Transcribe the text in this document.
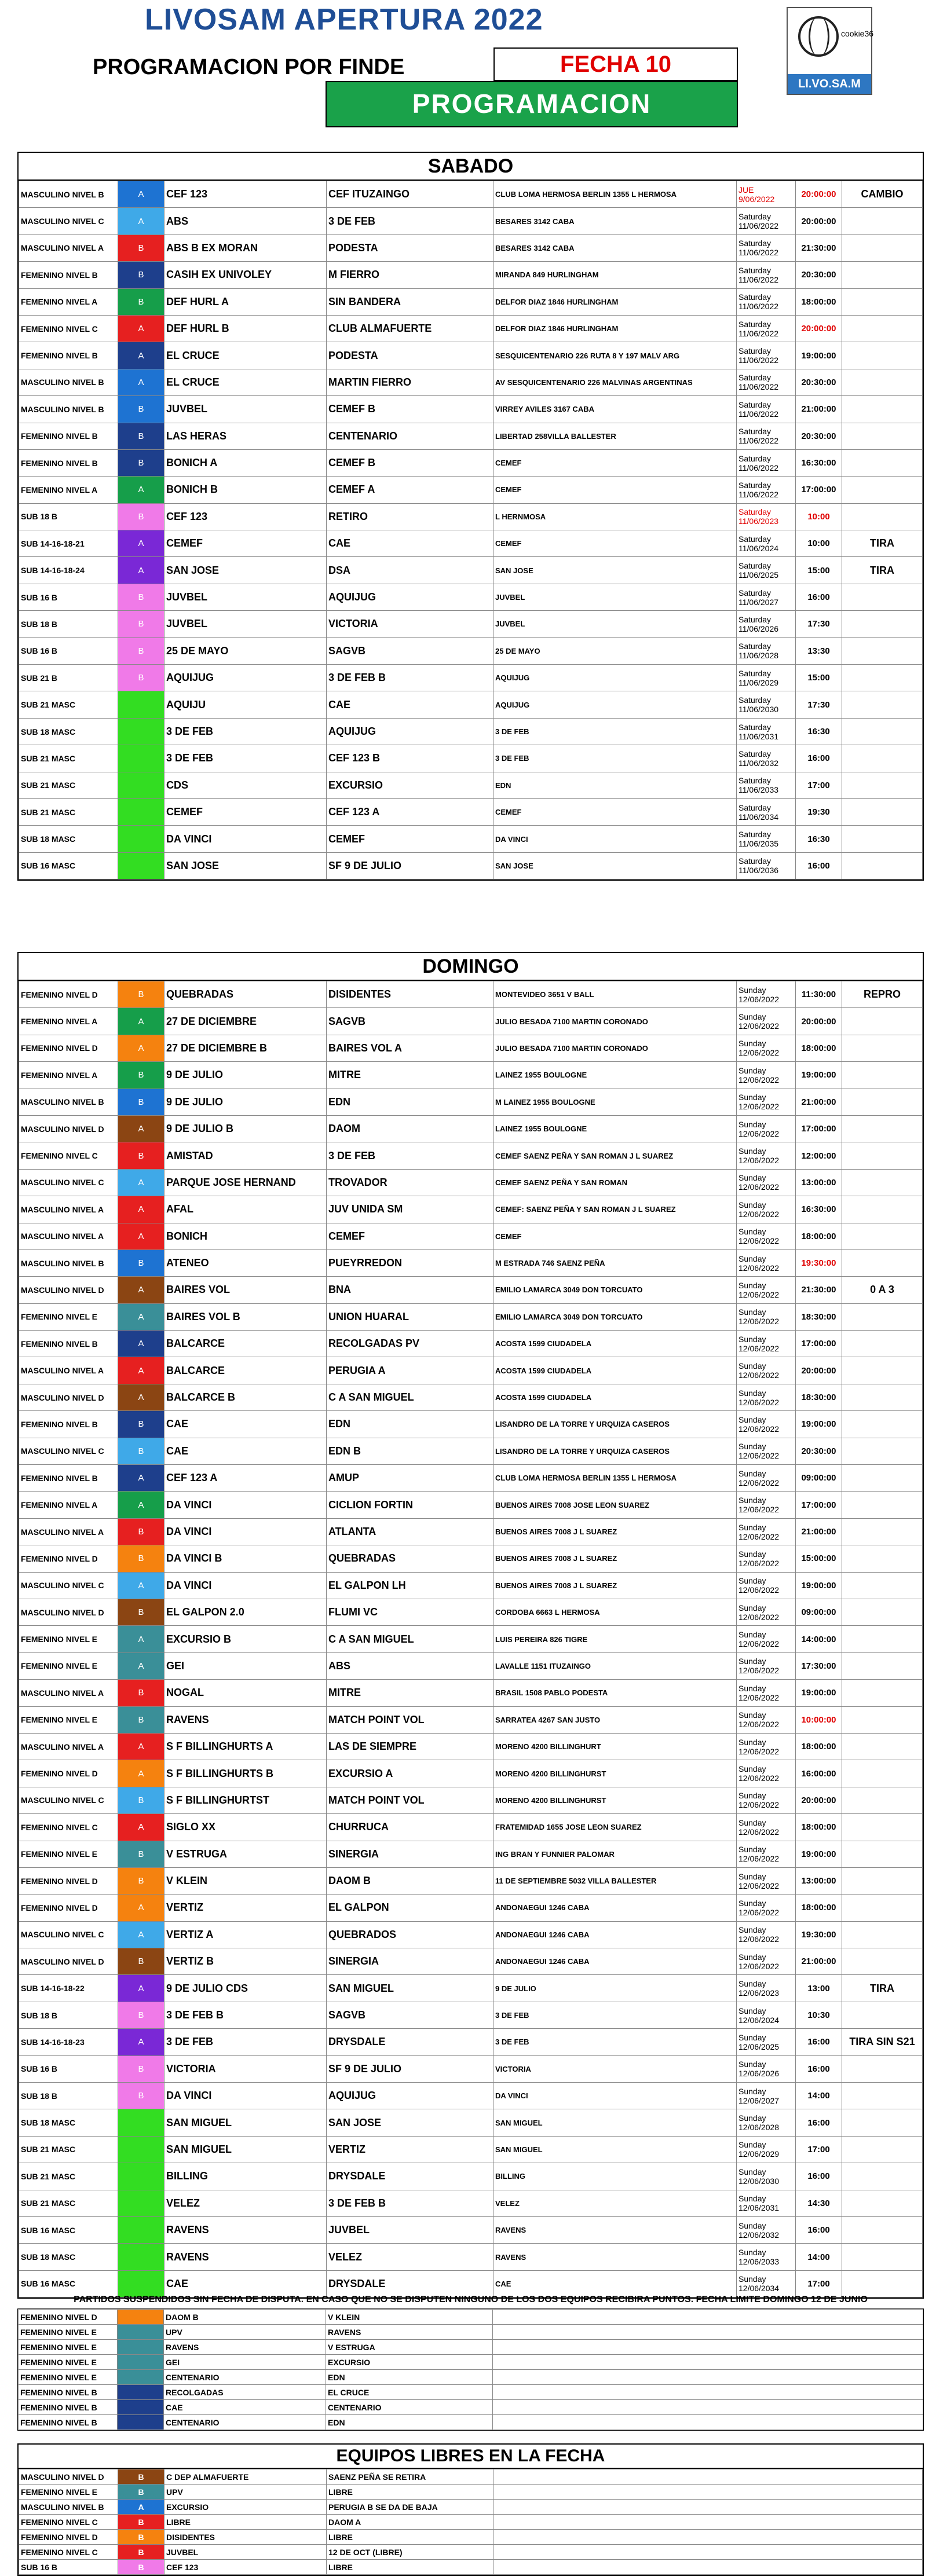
LIVOSAM APERTURA 2022
PROGRAMACION POR FINDE	FECHA 10
PROGRAMACION
cookie36
LI.VO.SA.M
SABADO
MASCULINO NIVEL B	A	CEF 123	CEF ITUZAINGO	CLUB LOMA HERMOSA BERLIN 1355 L HERMOSA	JUE
9/06/2022	20:00:00	CAMBIO
MASCULINO NIVEL C	A	ABS	3 DE FEB	BESARES 3142 CABA	Saturday
11/06/2022	20:00:00	
MASCULINO NIVEL A	B	ABS B EX MORAN	PODESTA	BESARES 3142 CABA	Saturday
11/06/2022	21:30:00	
FEMENINO NIVEL B	B	CASIH EX UNIVOLEY	M FIERRO	MIRANDA 849 HURLINGHAM	Saturday
11/06/2022	20:30:00	
FEMENINO NIVEL A	B	DEF HURL A	SIN BANDERA	DELFOR DIAZ 1846 HURLINGHAM	Saturday
11/06/2022	18:00:00	
FEMENINO NIVEL C	A	DEF HURL B	CLUB ALMAFUERTE	DELFOR DIAZ 1846 HURLINGHAM	Saturday
11/06/2022	20:00:00	
FEMENINO NIVEL B	A	EL CRUCE	PODESTA	SESQUICENTENARIO 226 RUTA 8 Y 197 MALV ARG	Saturday
11/06/2022	19:00:00	
MASCULINO NIVEL B	A	EL CRUCE	MARTIN FIERRO	AV SESQUICENTENARIO 226 MALVINAS ARGENTINAS	Saturday
11/06/2022	20:30:00	
MASCULINO NIVEL B	B	JUVBEL	CEMEF B	VIRREY AVILES 3167 CABA	Saturday
11/06/2022	21:00:00	
FEMENINO NIVEL B	B	LAS HERAS	CENTENARIO	LIBERTAD 258VILLA BALLESTER	Saturday
11/06/2022	20:30:00	
FEMENINO NIVEL B	B	BONICH A	CEMEF B	CEMEF	Saturday
11/06/2022	16:30:00	
FEMENINO NIVEL A	A	BONICH B	CEMEF A	CEMEF	Saturday
11/06/2022	17:00:00	
SUB 18 B	B	CEF 123	RETIRO	L HERNMOSA	Saturday
11/06/2023	10:00	
SUB 14-16-18-21	A	CEMEF	CAE	CEMEF	Saturday
11/06/2024	10:00	TIRA
SUB 14-16-18-24	A	SAN JOSE	DSA	SAN JOSE	Saturday
11/06/2025	15:00	TIRA
SUB 16 B	B	JUVBEL	AQUIJUG	JUVBEL	Saturday
11/06/2027	16:00	
SUB 18 B	B	JUVBEL	VICTORIA	JUVBEL	Saturday
11/06/2026	17:30	
SUB 16 B	B	25 DE MAYO	SAGVB	25 DE MAYO	Saturday
11/06/2028	13:30	
SUB 21 B	B	AQUIJUG	3 DE FEB B	AQUIJUG	Saturday
11/06/2029	15:00	
SUB 21 MASC		AQUIJU	CAE	AQUIJUG	Saturday
11/06/2030	17:30	
SUB 18 MASC		3 DE FEB	AQUIJUG	3 DE FEB	Saturday
11/06/2031	16:30	
SUB 21 MASC		3 DE FEB	CEF 123 B	3 DE FEB	Saturday
11/06/2032	16:00	
SUB 21 MASC		CDS	EXCURSIO	EDN	Saturday
11/06/2033	17:00	
SUB 21 MASC		CEMEF	CEF 123 A	CEMEF	Saturday
11/06/2034	19:30	
SUB 18 MASC		DA VINCI	CEMEF	DA VINCI	Saturday
11/06/2035	16:30	
SUB 16 MASC		SAN JOSE	SF 9 DE JULIO	SAN JOSE	Saturday
11/06/2036	16:00	
DOMINGO
FEMENINO NIVEL D	B	QUEBRADAS	DISIDENTES	MONTEVIDEO 3651 V BALL	Sunday
12/06/2022	11:30:00	REPRO
FEMENINO NIVEL A	A	27 DE DICIEMBRE	SAGVB	JULIO BESADA 7100 MARTIN CORONADO	Sunday
12/06/2022	20:00:00	
FEMENINO NIVEL D	A	27 DE DICIEMBRE B	BAIRES VOL A	JULIO BESADA 7100 MARTIN CORONADO	Sunday
12/06/2022	18:00:00	
FEMENINO NIVEL A	B	9 DE JULIO	MITRE	LAINEZ 1955 BOULOGNE	Sunday
12/06/2022	19:00:00	
MASCULINO NIVEL B	B	9 DE JULIO	EDN	M LAINEZ 1955 BOULOGNE	Sunday
12/06/2022	21:00:00	
MASCULINO NIVEL D	A	9 DE JULIO B	DAOM	LAINEZ 1955 BOULOGNE	Sunday
12/06/2022	17:00:00	
FEMENINO NIVEL C	B	AMISTAD	3 DE FEB	CEMEF SAENZ PEÑA Y SAN ROMAN J L SUAREZ	Sunday
12/06/2022	12:00:00	
MASCULINO NIVEL C	A	PARQUE JOSE HERNAND	TROVADOR	CEMEF SAENZ PEÑA Y SAN ROMAN	Sunday
12/06/2022	13:00:00	
MASCULINO NIVEL A	A	AFAL	JUV UNIDA SM	CEMEF: SAENZ PEÑA Y SAN ROMAN J L SUAREZ	Sunday
12/06/2022	16:30:00	
MASCULINO NIVEL A	A	BONICH	CEMEF	CEMEF	Sunday
12/06/2022	18:00:00	
MASCULINO NIVEL B	B	ATENEO	PUEYRREDON	M ESTRADA 746 SAENZ PEÑA	Sunday
12/06/2022	19:30:00	
MASCULINO NIVEL D	A	BAIRES VOL	BNA	EMILIO LAMARCA 3049 DON TORCUATO	Sunday
12/06/2022	21:30:00	0 A 3
FEMENINO NIVEL E	A	BAIRES VOL B	UNION HUARAL	EMILIO LAMARCA 3049 DON TORCUATO	Sunday
12/06/2022	18:30:00	
FEMENINO NIVEL B	A	BALCARCE	RECOLGADAS PV	ACOSTA 1599 CIUDADELA	Sunday
12/06/2022	17:00:00	
MASCULINO NIVEL A	A	BALCARCE	PERUGIA A	ACOSTA 1599 CIUDADELA	Sunday
12/06/2022	20:00:00	
MASCULINO NIVEL D	A	BALCARCE B	C A SAN MIGUEL	ACOSTA 1599 CIUDADELA	Sunday
12/06/2022	18:30:00	
FEMENINO NIVEL B	B	CAE	EDN	LISANDRO DE LA TORRE Y URQUIZA CASEROS	Sunday
12/06/2022	19:00:00	
MASCULINO NIVEL C	B	CAE	EDN B	LISANDRO DE LA TORRE Y URQUIZA CASEROS	Sunday
12/06/2022	20:30:00	
FEMENINO NIVEL B	A	CEF 123 A	AMUP	CLUB LOMA HERMOSA BERLIN 1355 L HERMOSA	Sunday
12/06/2022	09:00:00	
FEMENINO NIVEL A	A	DA VINCI	CICLION FORTIN	BUENOS AIRES 7008 JOSE LEON SUAREZ	Sunday
12/06/2022	17:00:00	
MASCULINO NIVEL A	B	DA VINCI	ATLANTA	BUENOS AIRES 7008 J L SUAREZ	Sunday
12/06/2022	21:00:00	
FEMENINO NIVEL D	B	DA VINCI B	QUEBRADAS	BUENOS AIRES 7008 J L SUAREZ	Sunday
12/06/2022	15:00:00	
MASCULINO NIVEL C	A	DA VINCI	EL GALPON LH	BUENOS AIRES 7008 J L SUAREZ	Sunday
12/06/2022	19:00:00	
MASCULINO NIVEL D	B	EL GALPON 2.0	FLUMI VC	CORDOBA 6663 L HERMOSA	Sunday
12/06/2022	09:00:00	
FEMENINO NIVEL E	A	EXCURSIO B	C A SAN MIGUEL	LUIS PEREIRA 826 TIGRE	Sunday
12/06/2022	14:00:00	
FEMENINO NIVEL E	A	GEI	ABS	LAVALLE 1151 ITUZAINGO	Sunday
12/06/2022	17:30:00	
MASCULINO NIVEL A	B	NOGAL	MITRE	BRASIL 1508 PABLO PODESTA	Sunday
12/06/2022	19:00:00	
FEMENINO NIVEL E	B	RAVENS	MATCH POINT VOL	SARRATEA 4267 SAN JUSTO	Sunday
12/06/2022	10:00:00	
MASCULINO NIVEL A	A	S F BILLINGHURTS A	LAS DE SIEMPRE	MORENO 4200 BILLINGHURT	Sunday
12/06/2022	18:00:00	
FEMENINO NIVEL D	A	S F BILLINGHURTS B	EXCURSIO A	MORENO 4200 BILLINGHURST	Sunday
12/06/2022	16:00:00	
MASCULINO NIVEL C	B	S F BILLINGHURTST	MATCH POINT VOL	MORENO 4200 BILLINGHURST	Sunday
12/06/2022	20:00:00	
FEMENINO NIVEL C	A	SIGLO XX	CHURRUCA	FRATEMIDAD 1655 JOSE LEON SUAREZ	Sunday
12/06/2022	18:00:00	
FEMENINO NIVEL E	B	V ESTRUGA	SINERGIA	ING BRAN Y FUNNIER PALOMAR	Sunday
12/06/2022	19:00:00	
FEMENINO NIVEL D	B	V KLEIN	DAOM B	11 DE SEPTIEMBRE 5032 VILLA BALLESTER	Sunday
12/06/2022	13:00:00	
FEMENINO NIVEL D	A	VERTIZ	EL GALPON	ANDONAEGUI 1246 CABA	Sunday
12/06/2022	18:00:00	
MASCULINO NIVEL C	A	VERTIZ A	QUEBRADOS	ANDONAEGUI 1246 CABA	Sunday
12/06/2022	19:30:00	
MASCULINO NIVEL D	B	VERTIZ B	SINERGIA	ANDONAEGUI 1246 CABA	Sunday
12/06/2022	21:00:00	
SUB 14-16-18-22	A	9 DE JULIO CDS	SAN MIGUEL	9 DE JULIO	Sunday
12/06/2023	13:00	TIRA
SUB 18 B	B	3 DE FEB B	SAGVB	3 DE FEB	Sunday
12/06/2024	10:30	
SUB 14-16-18-23	A	3 DE FEB	DRYSDALE	3 DE FEB	Sunday
12/06/2025	16:00	TIRA SIN S21
SUB 16 B	B	VICTORIA	SF 9 DE JULIO	VICTORIA	Sunday
12/06/2026	16:00	
SUB 18 B	B	DA VINCI	AQUIJUG	DA VINCI	Sunday
12/06/2027	14:00	
SUB 18 MASC		SAN MIGUEL	SAN JOSE	SAN MIGUEL	Sunday
12/06/2028	16:00	
SUB 21 MASC		SAN MIGUEL	VERTIZ	SAN MIGUEL	Sunday
12/06/2029	17:00	
SUB 21 MASC		BILLING	DRYSDALE	BILLING	Sunday
12/06/2030	16:00	
SUB 21 MASC		VELEZ	3 DE FEB B	VELEZ	Sunday
12/06/2031	14:30	
SUB 16 MASC		RAVENS	JUVBEL	RAVENS	Sunday
12/06/2032	16:00	
SUB 18 MASC		RAVENS	VELEZ	RAVENS	Sunday
12/06/2033	14:00	
SUB 16 MASC		CAE	DRYSDALE	CAE	Sunday
12/06/2034	17:00	
PARTIDOS SUSPENDIDOS SIN FECHA DE DISPUTA. EN CASO QUE NO SE DISPUTEN NINGUNO DE LOS DOS EQUIPOS RECIBIRA PUNTOS. FECHA LIMITE DOMINGO 12 DE JUNIO
FEMENINO NIVEL D		DAOM B	V KLEIN	
FEMENINO NIVEL E		UPV	RAVENS	
FEMENINO NIVEL E		RAVENS	V ESTRUGA	
FEMENINO NIVEL E		GEI	EXCURSIO	
FEMENINO NIVEL E		CENTENARIO	EDN	
FEMENINO NIVEL B		RECOLGADAS	EL CRUCE	
FEMENINO NIVEL B		CAE	CENTENARIO	
FEMENINO NIVEL B		CENTENARIO	EDN	
EQUIPOS LIBRES EN LA FECHA
MASCULINO NIVEL D	B	C DEP ALMAFUERTE	SAENZ PEÑA SE RETIRA	
FEMENINO NIVEL E	B	UPV	LIBRE	
MASCULINO NIVEL B	A	EXCURSIO	PERUGIA B SE DA DE BAJA	
FEMENINO NIVEL C	B	LIBRE	DAOM A	
FEMENINO NIVEL D	B	DISIDENTES	LIBRE	
FEMENINO NIVEL C	B	JUVBEL	12 DE OCT (LIBRE)	
SUB 16 B	B	CEF 123	LIBRE	
